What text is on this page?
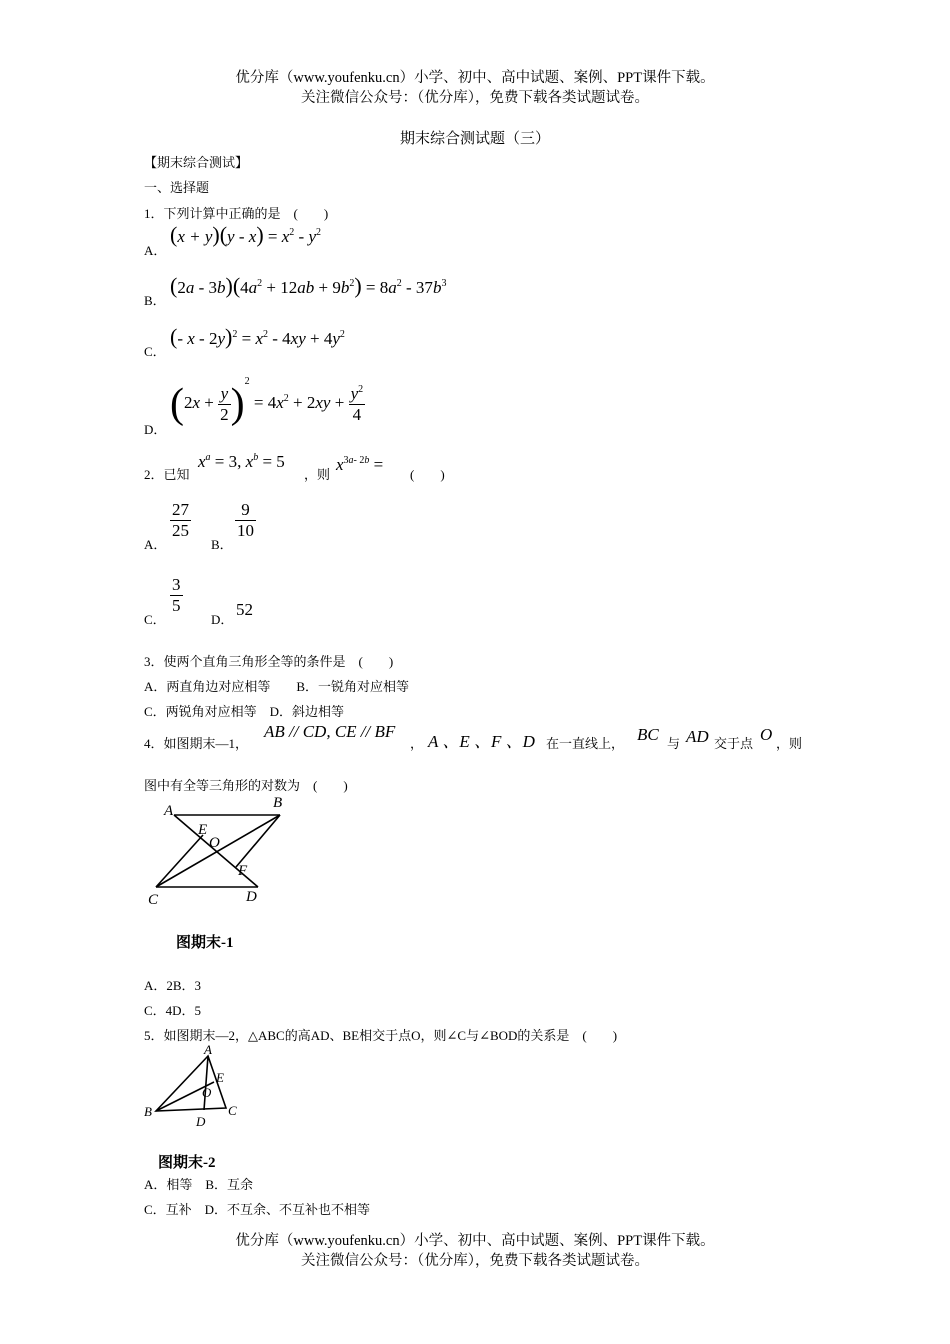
优分库（www.youfenku.cn）小学、初中、高中试题、案例、PPT课件下载。
关注微信公众号：（优分库），免费下载各类试题试卷。
期末综合测试题（三）
【期末综合测试】
一、选择题
1．下列计算中正确的是　(　　)
A．
$(x + y)(y - x) = x^2 - y^2$
B．
$(2a - 3b)(4a^2 + 12ab + 9b^2) = 8a^2 - 37b^3$
C．
(- $x - 2y)^2 = x^2 - 4xy + 4y^2$
D．
$(2x + \frac{y}{2} )^2 = 4x^2 + 2xy + \frac{y^2}{4}$
2．已知
$x^a = 3$, $x^b = 5$
，则
$x^{3a- 2b}$ =
(　　)
A．
$\frac{27}{25}$
B．
$\frac{9}{10}$
C．
$\frac{3}{5}$
D．
52
3．使两个直角三角形全等的条件是　(　　)
A．两直角边对应相等　　B．一锐角对应相等
C．两锐角对应相等　D．斜边相等
4．如图期末—1，
AB // CD, CE // BF
， A 、E 、F 、D 在一直线上， BC 与 AD 交于点 O ，则
图中有全等三角形的对数为　(　　)
A	B
C	D
E
F
O
图期末-1
A．2B．3
C．4D．5
5．如图期末—2，△ABC的高AD、BE相交于点O，则∠C与∠BOD的关系是　(　　)
A
B	C
D
E
O
图期末-2
A．相等　B．互余
C．互补　D．不互余、不互补也不相等
优分库（www.youfenku.cn）小学、初中、高中试题、案例、PPT课件下载。
关注微信公众号：（优分库），免费下载各类试题试卷。
